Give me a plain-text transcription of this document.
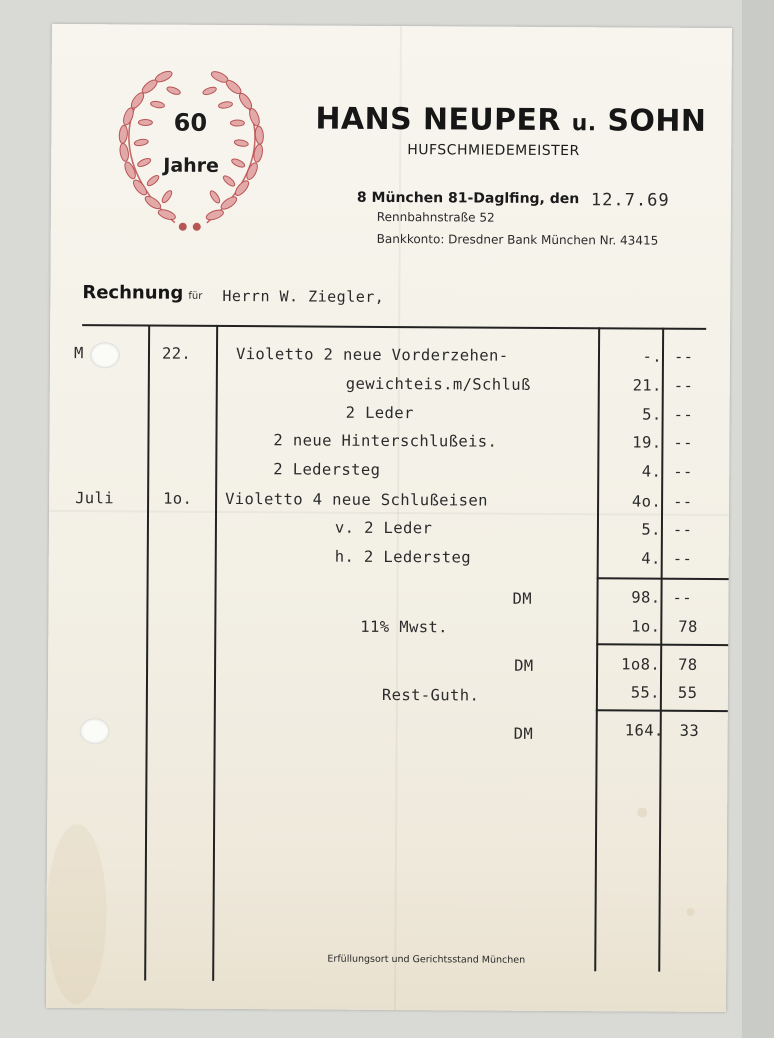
60
Jahre
HANS NEUPER u. SOHN
HUFSCHMIEDEMEISTER
8 München 81-Daglfing, den 12.7.69
Rennbahnstraße 52
Bankkonto: Dresdner Bank München Nr. 43415
Rechnung für Herrn W. Ziegler,
M	22.	Violetto 2 neue Vorderzehen-	-. --
gewichteis.m/Schluß	21. --
2 Leder	5. --
2 neue Hinterschlußeis.	19. --
2 Ledersteg	4. --
Juli	1o. Violetto 4 neue Schlußeisen	4o. --
v. 2 Leder	5. --
h. 2 Ledersteg	4. --
DM	98. --
11% Mwst.	1o. 78
DM	1o8. 78
Rest-Guth.	55. 55
DM	164. 33
Erfüllungsort und Gerichtsstand München
